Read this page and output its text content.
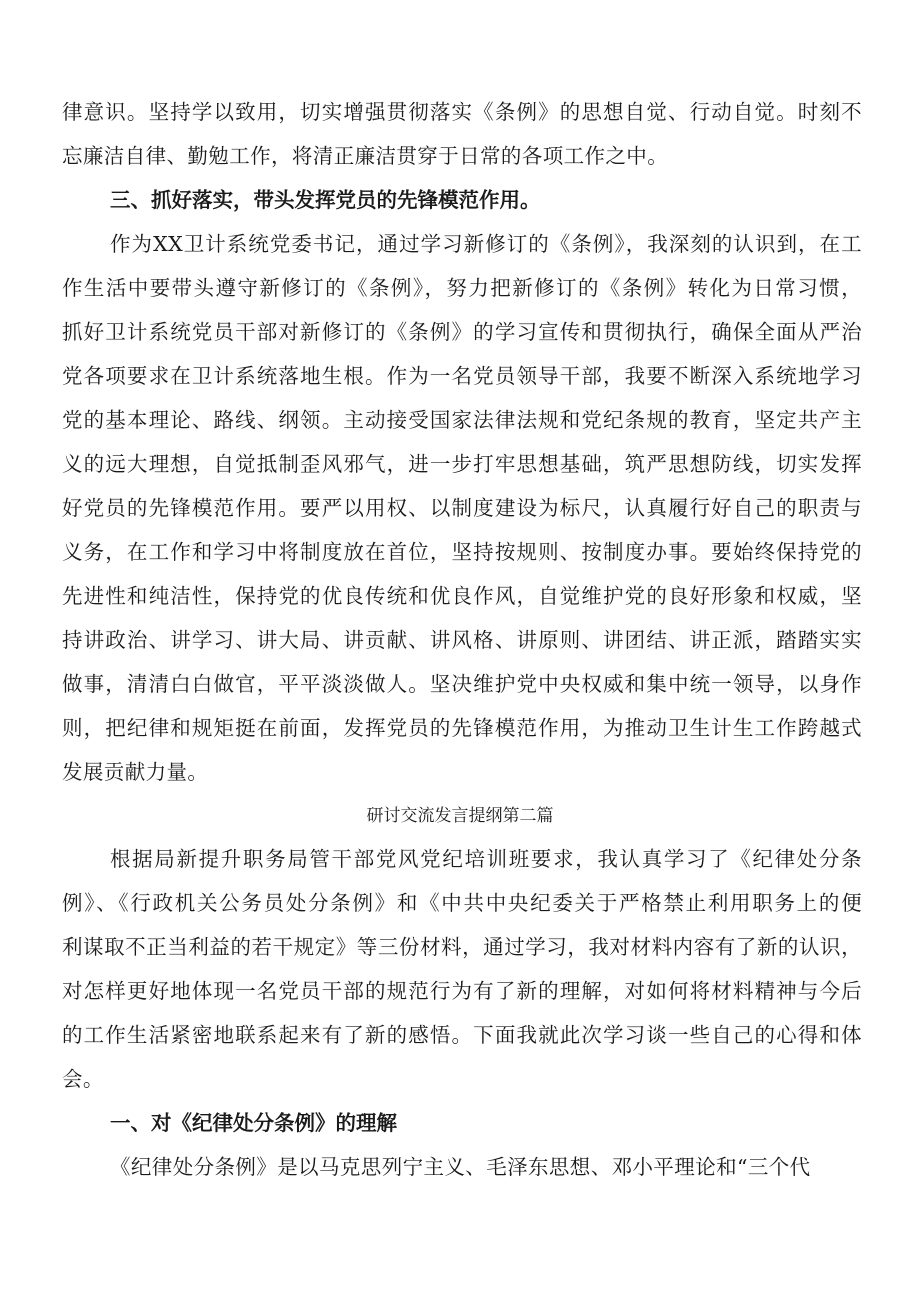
律意识。坚持学以致用，切实增强贯彻落实《条例》的思想自觉、行动自觉。时刻不
忘廉洁自律、勤勉工作，将清正廉洁贯穿于日常的各项工作之中。
三、抓好落实，带头发挥党员的先锋模范作用。
作为XX卫计系统党委书记，通过学习新修订的《条例》，我深刻的认识到，在工
作生活中要带头遵守新修订的《条例》，努力把新修订的《条例》转化为日常习惯，
抓好卫计系统党员干部对新修订的《条例》的学习宣传和贯彻执行，确保全面从严治
党各项要求在卫计系统落地生根。作为一名党员领导干部，我要不断深入系统地学习
党的基本理论、路线、纲领。主动接受国家法律法规和党纪条规的教育，坚定共产主
义的远大理想，自觉抵制歪风邪气，进一步打牢思想基础，筑严思想防线，切实发挥
好党员的先锋模范作用。要严以用权、以制度建设为标尺，认真履行好自己的职责与
义务，在工作和学习中将制度放在首位，坚持按规则、按制度办事。要始终保持党的
先进性和纯洁性，保持党的优良传统和优良作风，自觉维护党的良好形象和权威，坚
持讲政治、讲学习、讲大局、讲贡献、讲风格、讲原则、讲团结、讲正派，踏踏实实
做事，清清白白做官，平平淡淡做人。坚决维护党中央权威和集中统一领导，以身作
则，把纪律和规矩挺在前面，发挥党员的先锋模范作用，为推动卫生计生工作跨越式
发展贡献力量。
研讨交流发言提纲第二篇
根据局新提升职务局管干部党风党纪培训班要求，我认真学习了《纪律处分条
例》、《行政机关公务员处分条例》和《中共中央纪委关于严格禁止利用职务上的便
利谋取不正当利益的若干规定》等三份材料，通过学习，我对材料内容有了新的认识，
对怎样更好地体现一名党员干部的规范行为有了新的理解，对如何将材料精神与今后
的工作生活紧密地联系起来有了新的感悟。下面我就此次学习谈一些自己的心得和体
会。
一、对《纪律处分条例》的理解
《纪律处分条例》是以马克思列宁主义、毛泽东思想、邓小平理论和“三个代
